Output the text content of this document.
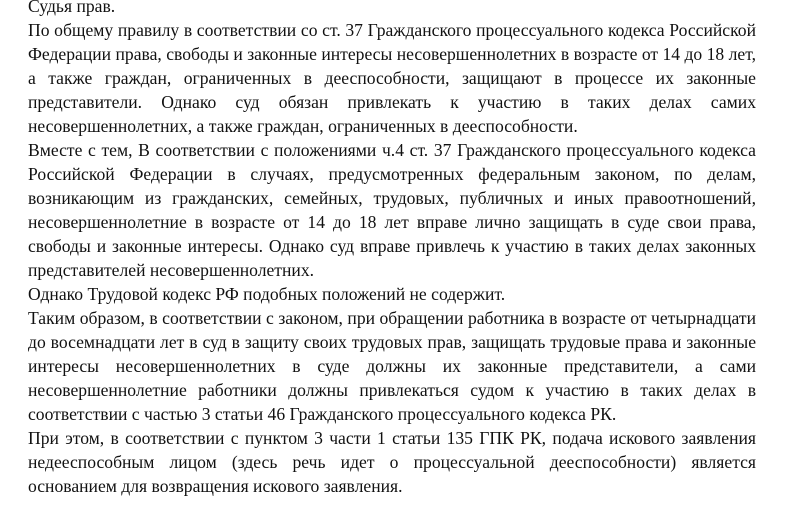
Судья прав.

По общему правилу в соответствии со ст. 37 Гражданского процессуального кодекса Российской Федерации права, свободы и законные интересы несовершеннолетних в возрасте от 14 до 18 лет, а также граждан, ограниченных в дееспособности, защищают в процессе их законные представители. Однако суд обязан привлекать к участию в таких делах самих несовершеннолетних, а также граждан, ограниченных в дееспособности.

Вместе с тем, В соответствии с положениями ч.4 ст. 37 Гражданского процессуального кодекса Российской Федерации в случаях, предусмотренных федеральным законом, по делам, возникающим из гражданских, семейных, трудовых, публичных и иных правоотношений, несовершеннолетние в возрасте от 14 до 18 лет вправе лично защищать в суде свои права, свободы и законные интересы. Однако суд вправе привлечь к участию в таких делах законных представителей несовершеннолетних.

Однако Трудовой кодекс РФ подобных положений не содержит.

Таким образом, в соответствии с законом, при обращении работника в возрасте от четырнадцати до восемнадцати лет в суд в защиту своих трудовых прав, защищать трудовые права и законные интересы несовершеннолетних в суде должны их законные представители, а сами несовершеннолетние работники должны привлекаться судом к участию в таких делах в соответствии с частью 3 статьи 46 Гражданского процессуального кодекса РК.

При этом, в соответствии с пунктом 3 части 1 статьи 135 ГПК РК, подача искового заявления недееспособным лицом (здесь речь идет о процессуальной дееспособности) является основанием для возвращения искового заявления.
